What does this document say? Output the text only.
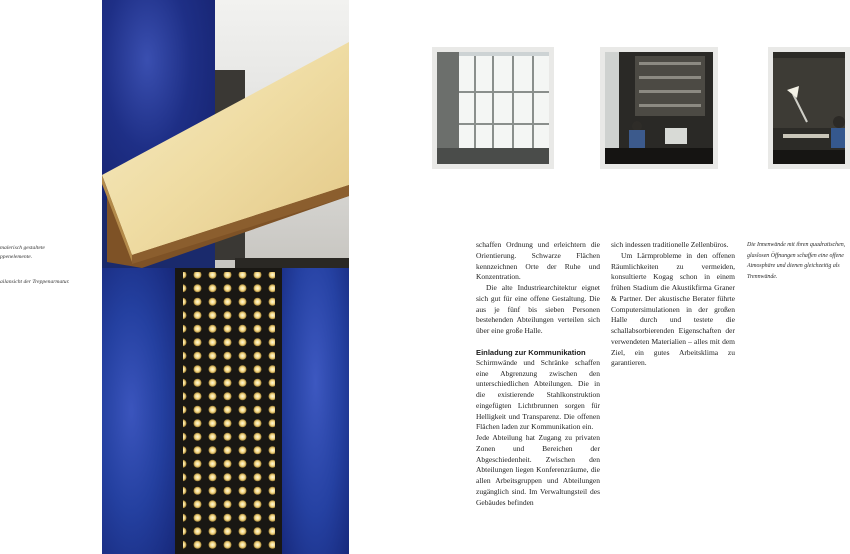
malerisch gestaltete
ppenelemente.
ailansicht der Treppenarmatur.

schaffen Ordnung und erleichtern die Orientierung. Schwarze Flächen kennzeichnen Orte der Ruhe und Konzentration.

Die alte Industriearchitektur eignet sich gut für eine offene Gestaltung. Die aus je fünf bis sieben Personen bestehenden Abteilungen verteilen sich über eine große Halle.

Einladung zur Kommunikation

Schirmwände und Schränke schaffen eine Abgrenzung zwischen den unterschiedlichen Abteilungen. Die in die existierende Stahlkonstruktion eingefügten Lichtbrunnen sorgen für Helligkeit und Transparenz. Die offenen Flächen laden zur Kommunikation ein.

Jede Abteilung hat Zugang zu privaten Zonen und Bereichen der Abgeschiedenheit. Zwischen den Abteilungen liegen Konferenzräume, die allen Arbeitsgruppen und Abteilungen zugänglich sind. Im Verwaltungsteil des Gebäudes befinden

sich indessen traditionelle Zellenbüros.

Um Lärmprobleme in den offenen Räumlichkeiten zu vermeiden, konsultierte Kogag schon in einem frühen Stadium die Akustikfirma Graner & Partner. Der akustische Berater führte Computersimulationen in der großen Halle durch und testete die schallabsorbierenden Eigenschaften der verwendeten Materialien – alles mit dem Ziel, ein gutes Arbeitsklima zu garantieren.

Die Innenwände mit ihren quadratischen, glaslosen Öffnungen schaffen eine offene Atmosphäre und dienen gleichzeitig als Trennwände.
